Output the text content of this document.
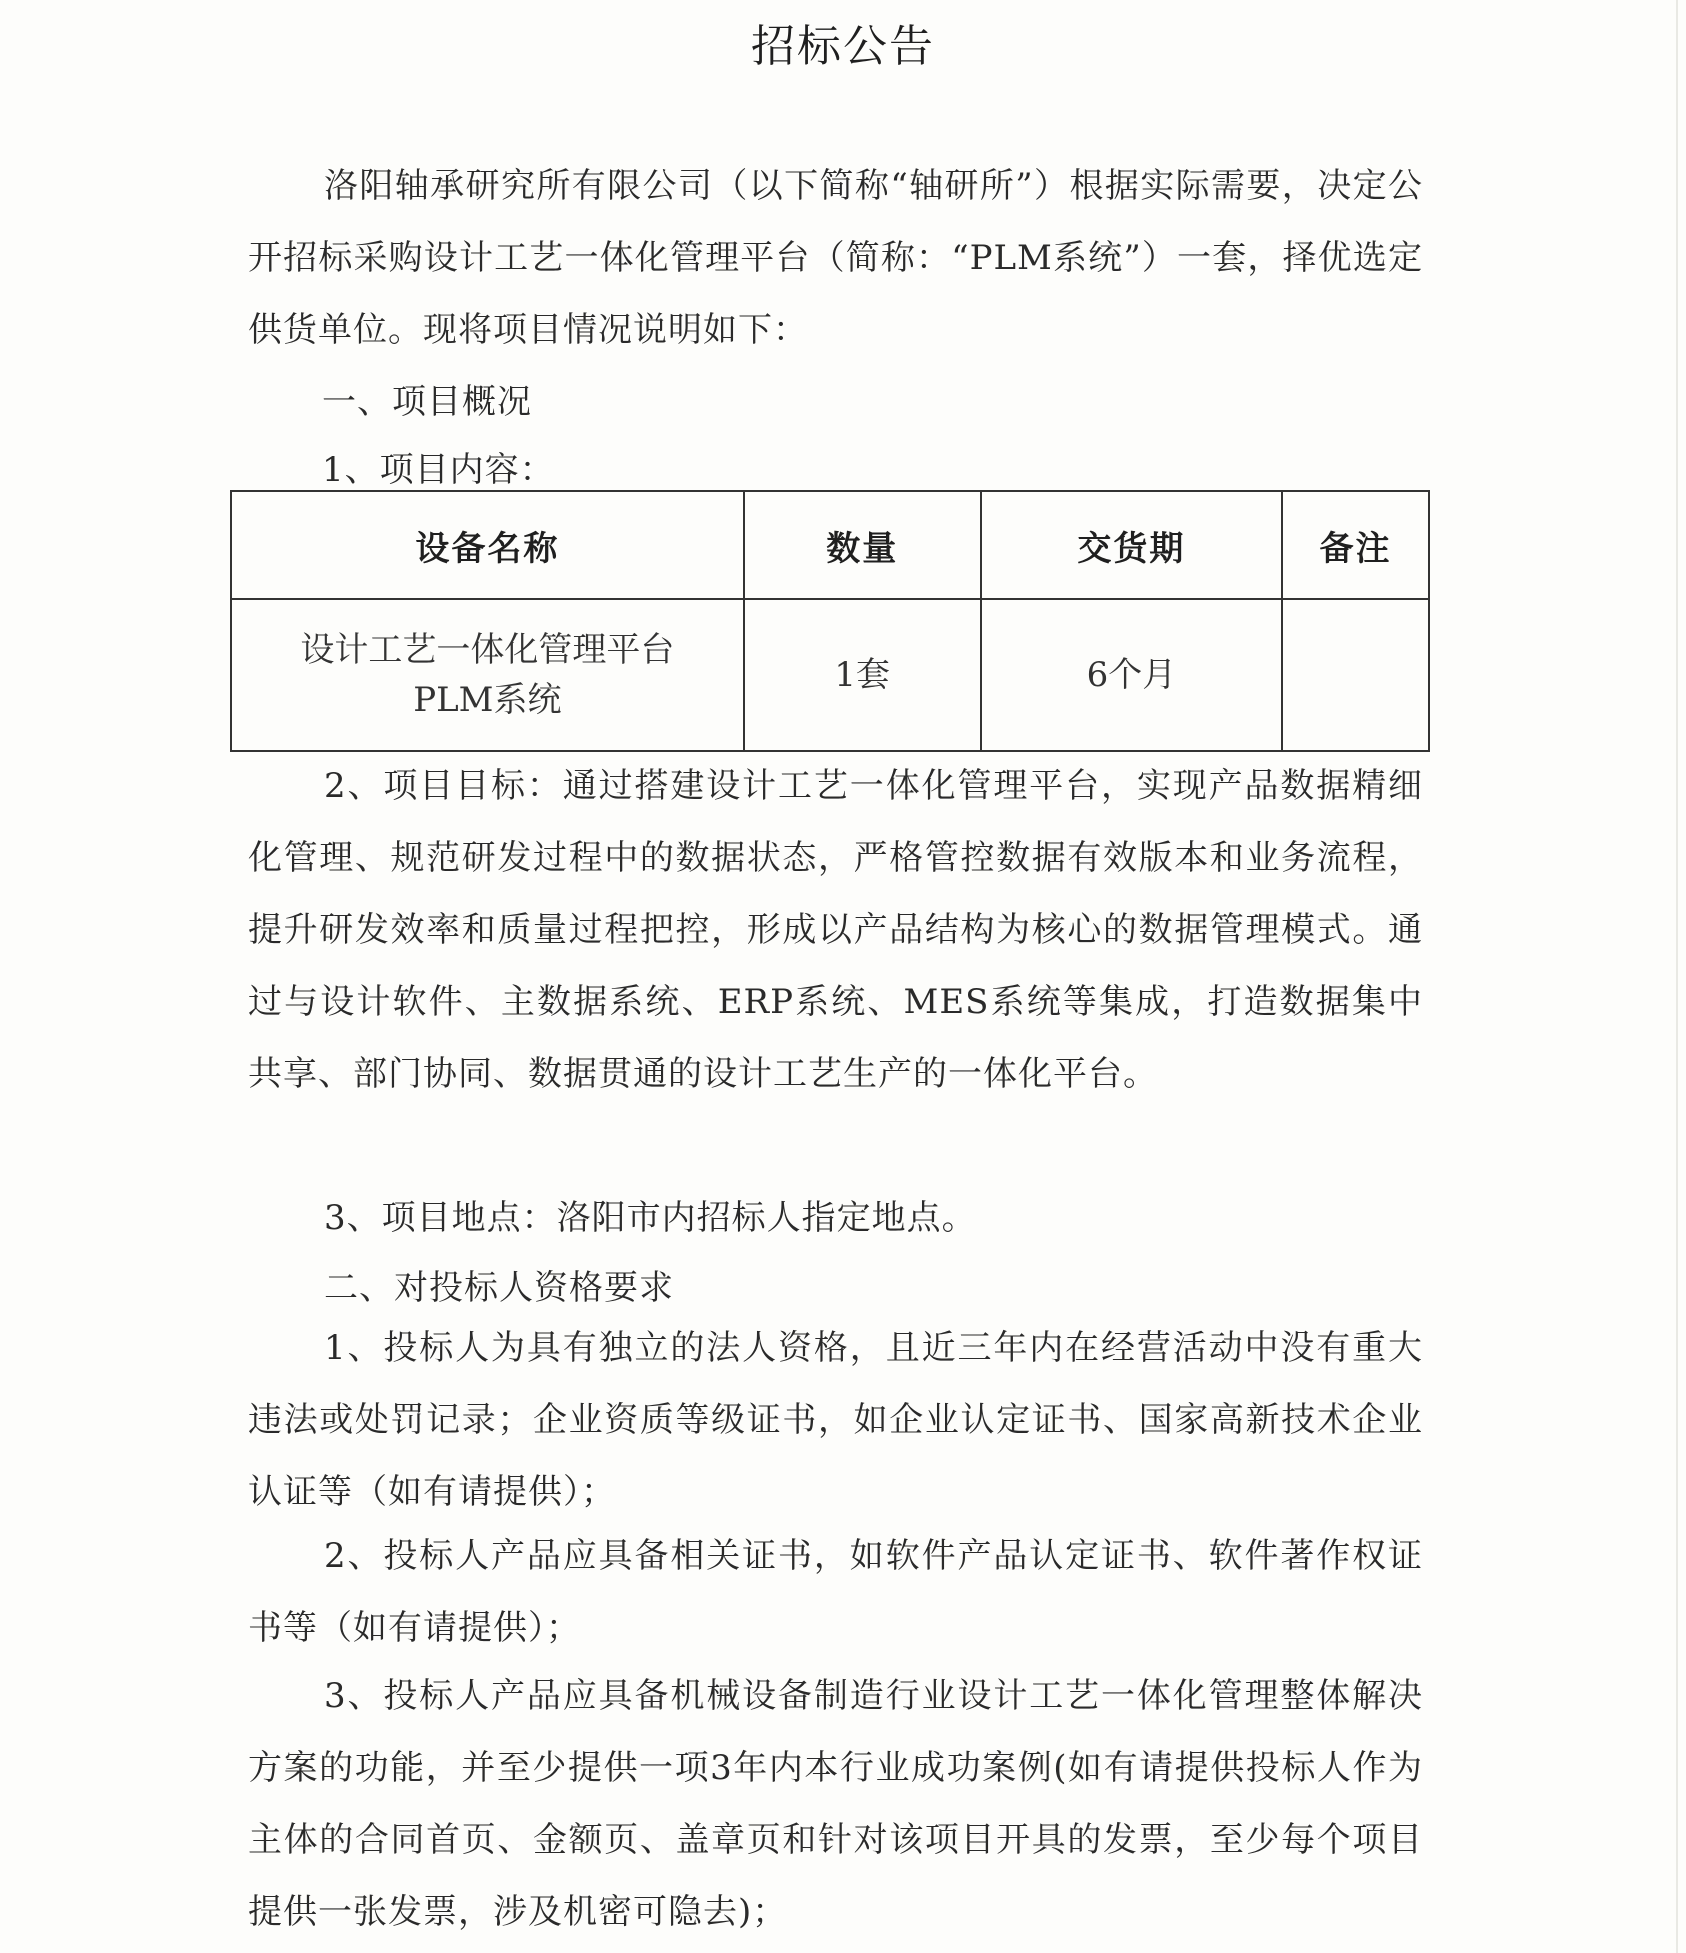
招标公告

洛阳轴承研究所有限公司（以下简称“轴研所”）根据实际需要，决定公开招标采购设计工艺一体化管理平台（简称：“PLM系统”）一套，择优选定供货单位。现将项目情况说明如下：

一、项目概况

1、项目内容：

设备名称	数量	交货期	备注

设计工艺一体化管理平台
PLM系统	1套	6个月	

2、项目目标：通过搭建设计工艺一体化管理平台，实现产品数据精细化管理、规范研发过程中的数据状态，严格管控数据有效版本和业务流程，提升研发效率和质量过程把控，形成以产品结构为核心的数据管理模式。通过与设计软件、主数据系统、ERP系统、MES系统等集成，打造数据集中共享、部门协同、数据贯通的设计工艺生产的一体化平台。

3、项目地点：洛阳市内招标人指定地点。

二、对投标人资格要求

1、投标人为具有独立的法人资格，且近三年内在经营活动中没有重大违法或处罚记录；企业资质等级证书，如企业认定证书、国家高新技术企业认证等（如有请提供）；

2、投标人产品应具备相关证书，如软件产品认定证书、软件著作权证书等（如有请提供）；

3、投标人产品应具备机械设备制造行业设计工艺一体化管理整体解决方案的功能，并至少提供一项3年内本行业成功案例(如有请提供投标人作为主体的合同首页、金额页、盖章页和针对该项目开具的发票，至少每个项目提供一张发票，涉及机密可隐去)；
